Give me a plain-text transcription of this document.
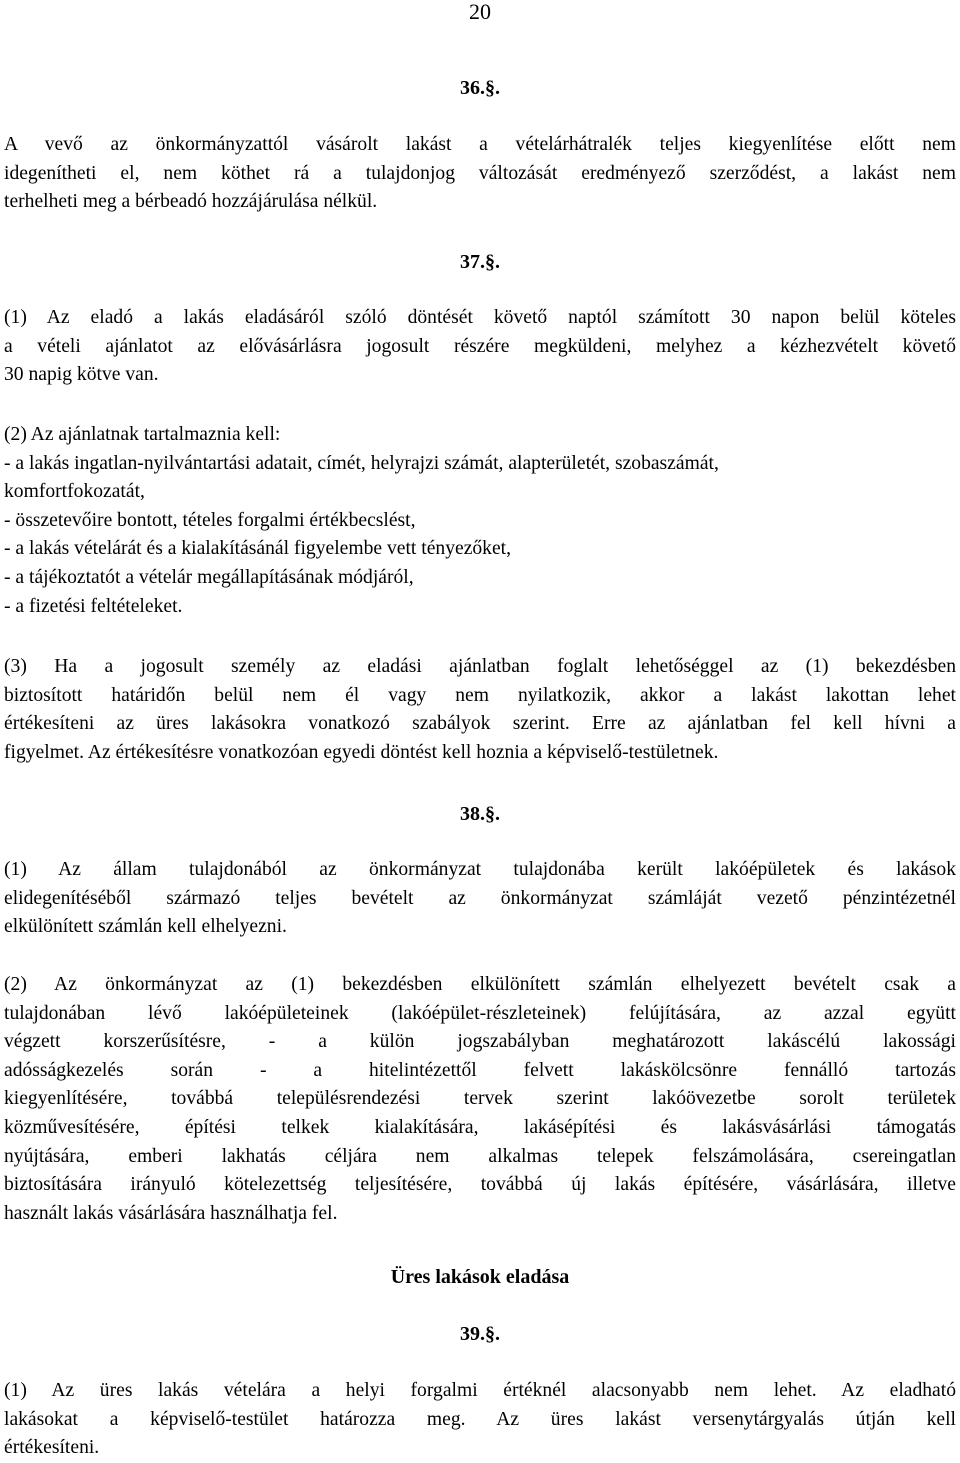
20
36.§.
A vevő az önkormányzattól vásárolt lakást a vételárhátralék teljes kiegyenlítése előtt nem
idegenítheti el, nem köthet rá a tulajdonjog változását eredményező szerződést, a lakást nem
terhelheti meg a bérbeadó hozzájárulása nélkül.
37.§.
(1) Az eladó a lakás eladásáról szóló döntését követő naptól számított 30 napon belül köteles
a vételi ajánlatot az elővásárlásra jogosult részére megküldeni, melyhez a kézhezvételt követő
30 napig kötve van.
(2) Az ajánlatnak tartalmaznia kell:
- a lakás ingatlan-nyilvántartási adatait, címét, helyrajzi számát, alapterületét, szobaszámát,
komfortfokozatát,
- összetevőire bontott, tételes forgalmi értékbecslést,
- a lakás vételárát és a kialakításánál figyelembe vett tényezőket,
- a tájékoztatót a vételár megállapításának módjáról,
- a fizetési feltételeket.
(3) Ha a jogosult személy az eladási ajánlatban foglalt lehetőséggel az (1) bekezdésben
biztosított határidőn belül nem él vagy nem nyilatkozik, akkor a lakást lakottan lehet
értékesíteni az üres lakásokra vonatkozó szabályok szerint. Erre az ajánlatban fel kell hívni a
figyelmet. Az értékesítésre vonatkozóan egyedi döntést kell hoznia a képviselő-testületnek.
38.§.
(1) Az állam tulajdonából az önkormányzat tulajdonába került lakóépületek és lakások
elidegenítéséből származó teljes bevételt az önkormányzat számláját vezető pénzintézetnél
elkülönített számlán kell elhelyezni.
(2) Az önkormányzat az (1) bekezdésben elkülönített számlán elhelyezett bevételt csak a
tulajdonában lévő lakóépületeinek (lakóépület-részleteinek) felújítására, az azzal együtt
végzett korszerűsítésre, - a külön jogszabályban meghatározott lakáscélú lakossági
adósságkezelés során - a hitelintézettől felvett lakáskölcsönre fennálló tartozás
kiegyenlítésére, továbbá településrendezési tervek szerint lakóövezetbe sorolt területek
közművesítésére, építési telkek kialakítására, lakásépítési és lakásvásárlási támogatás
nyújtására, emberi lakhatás céljára nem alkalmas telepek felszámolására, csereingatlan
biztosítására irányuló kötelezettség teljesítésére, továbbá új lakás építésére, vásárlására, illetve
használt lakás vásárlására használhatja fel.
Üres lakások eladása
39.§.
(1) Az üres lakás vételára a helyi forgalmi értéknél alacsonyabb nem lehet. Az eladható
lakásokat a képviselő-testület határozza meg. Az üres lakást versenytárgyalás útján kell
értékesíteni.
